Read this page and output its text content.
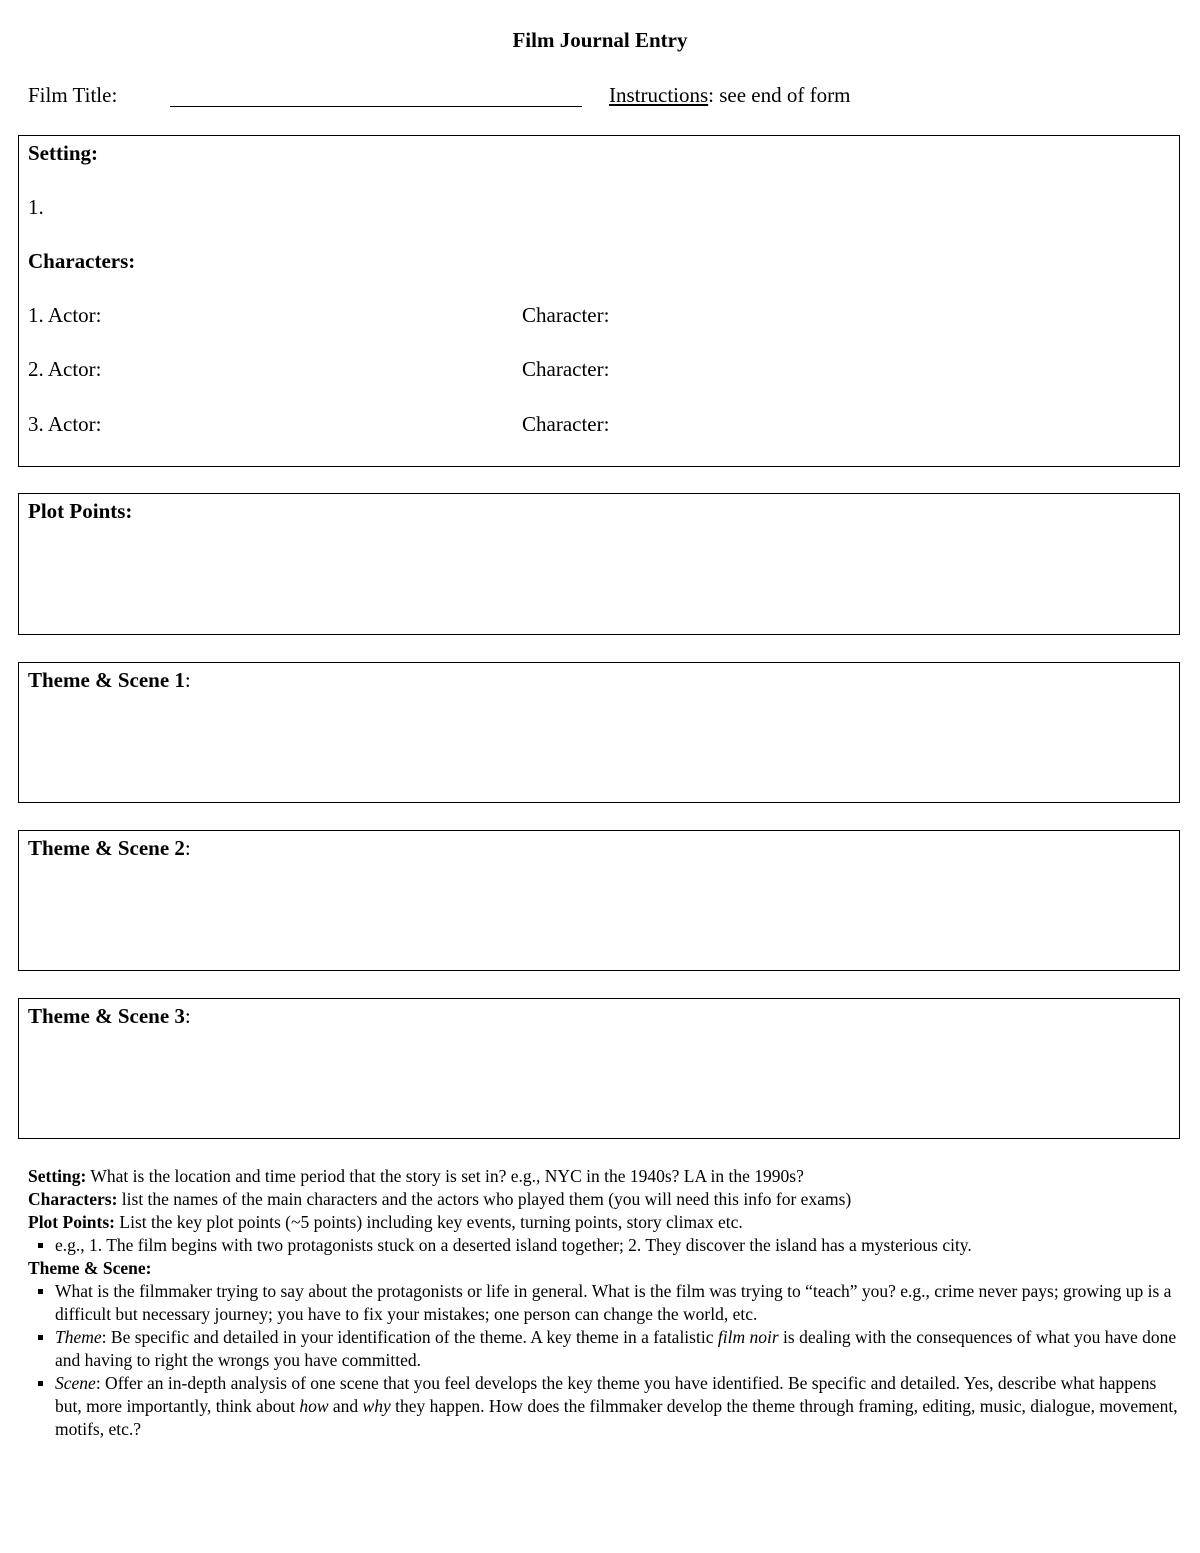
Film Journal Entry
Film Title:	Instructions: see end of form
Setting:
1.
Characters:
1. Actor:	Character:
2. Actor:	Character:
3. Actor:	Character:
Plot Points:
Theme & Scene 1:
Theme & Scene 2:
Theme & Scene 3:

Setting: What is the location and time period that the story is set in? e.g., NYC in the 1940s? LA in the 1990s?

Characters: list the names of the main characters and the actors who played them (you will need this info for exams)

Plot Points: List the key plot points (~5 points) including key events, turning points, story climax etc.

e.g., 1. The film begins with two protagonists stuck on a deserted island together; 2. They discover the island has a mysterious city.

Theme & Scene:

What is the filmmaker trying to say about the protagonists or life in general. What is the film was trying to “teach” you? e.g., crime never pays; growing up is a difficult but necessary journey; you have to fix your mistakes; one person can change the world, etc.
Theme: Be specific and detailed in your identification of the theme. A key theme in a fatalistic film noir is dealing with the consequences of what you have done and having to right the wrongs you have committed.
Scene: Offer an in-depth analysis of one scene that you feel develops the key theme you have identified. Be specific and detailed. Yes, describe what happens but, more importantly, think about how and why they happen. How does the filmmaker develop the theme through framing, editing, music, dialogue, movement, motifs, etc.?
